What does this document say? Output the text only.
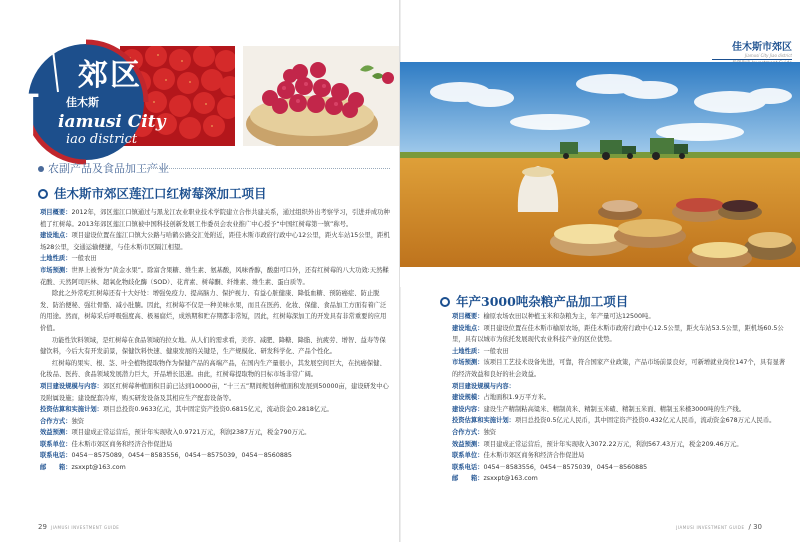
郊区
佳木斯
J iamusi City
iao district
农副产品及食品加工产业
佳木斯市郊区莲江口红树莓深加工项目

项目概要：2012年，郊区莲江口镇通过与黑龙江农业职业技术学院建立合作共建关系，通过组织外出考察学习，引进并成功种植了红树莓。2013年郊区莲江口镇被中国科技创新发展工作委员会农业推广中心授予“中国红树莓第一镇”称号。

建设地点：项目建设位置在莲江口镇大公路与哈鹤公路交汇处附近，距佳木斯市政府行政中心12公里，距火车站15公里，距机场28公里，交通运输便捷，与佳木斯市区隔江相望。

土地性质：一般农田

市场预测：世界上被誉为“黄金水果”。除富含果糖、维生素、氨基酸，风味香醇，酸甜可口外，还有红树莓的八大功效:天然鞣花酸、天然阿司匹林、超氧化物歧化酶（SOD）、花青素、树莓酮、纤维素、维生素、蛋白质等。

除此之外常吃红树莓还有十大好处：增强免疫力、提高脑力、保护视力、有益心脏健康、降低血糖、预防癌症、防止脱发、防治便秘、强壮骨骼、减小肚腩。因此，红树莓不仅是一种美味水果，而且在医药、化妆、保健、食品加工方面有着广泛的用途。然而，树莓采后呼吸强度高、极易腐烂，成熟期和贮存期都非常短，因此，红树莓深加工的开发具有非常重要的应用价值。

功能性饮料领域，是红树莓在食品领域的拉女地。从人们的需求看，美容、减肥、降糖、降脂、抗疲劳、增智、益寿等保健饮料，今后大有开发前景，保健饮料快速、健康发展的关键是，生产规模化、研发科学化、产品个性化。

红树莓的果实、根、茎、叶全植物提取物作为保健产品的高端产品，在国内生产量很小，其发展空间巨大，在抗癌保健、化妆品、医药、食品领域发展潜力巨大，开品增长迅速。由此，红树莓提取物的目标市场非常广阔。

项目建设规模与内容：郊区红树莓种植面积目前已达到10000亩，“十三五”期间规划种植面积发展到50000亩，建设研发中心及附属设施；建设配套冷库，购买研发设备及其相应生产配套设备等。

投资估算和实施计划：项目总投资0.9633亿元，其中固定资产投资0.6815亿元，流动资金0.2818亿元。

合作方式：独资

效益预测：项目建成正常运营后，预计年实现收入0.9721万元，利润2387万元，税金790万元。

联系单位：佳木斯市郊区商务和经济合作促进局

联系电话：0454－8575089，0454－8583556，0454－8575039，0454－8560885

邮　　箱：zsxxpt@163.com

29 JIAMUSI INVESTMENT GUIDE
佳木斯市郊区
Jiamusi City Jiao district
年产3000吨杂粮产品加工项目

项目概要：榆原农场农田以种植玉米和杂粮为主，年产量可达12500吨。

建设地点：项目建设位置在佳木斯市榆原农场，距佳木斯市政府行政中心12.5公里，距火车站53.5公里，距机场60.5公里，具有以城市为依托发展现代农业科技产业的区位优势。

土地性质：一般农田

市场预测：该项目工艺技术设备先进，可靠，符合国家产业政策，产品市场前景良好，可新增就业岗位147个，具有显著的经济效益和良好的社会效益。

项目建设规模与内容：

建设规模：占地面积1.9万平方米。

建设内容：建设生产精制粘高粱米、精制黄米、精制玉米碴、精制玉米面、精制玉米楂3000吨的生产线。

投资估算和实施计划：项目总投资0.5亿元人民币，其中固定资产投资0.432亿元人民币，流动资金678万元人民币。

合作方式：独资

效益预测：项目建成正常运营后，预计年实现收入3072.22万元，利润567.43万元，税金209.46万元。

联系单位：佳木斯市郊区商务和经济合作促进局

联系电话：0454－8583556，0454－8575039，0454－8560885

邮　　箱：zsxxpt@163.com

JIAMUSI INVESTMENT GUIDE / 30
